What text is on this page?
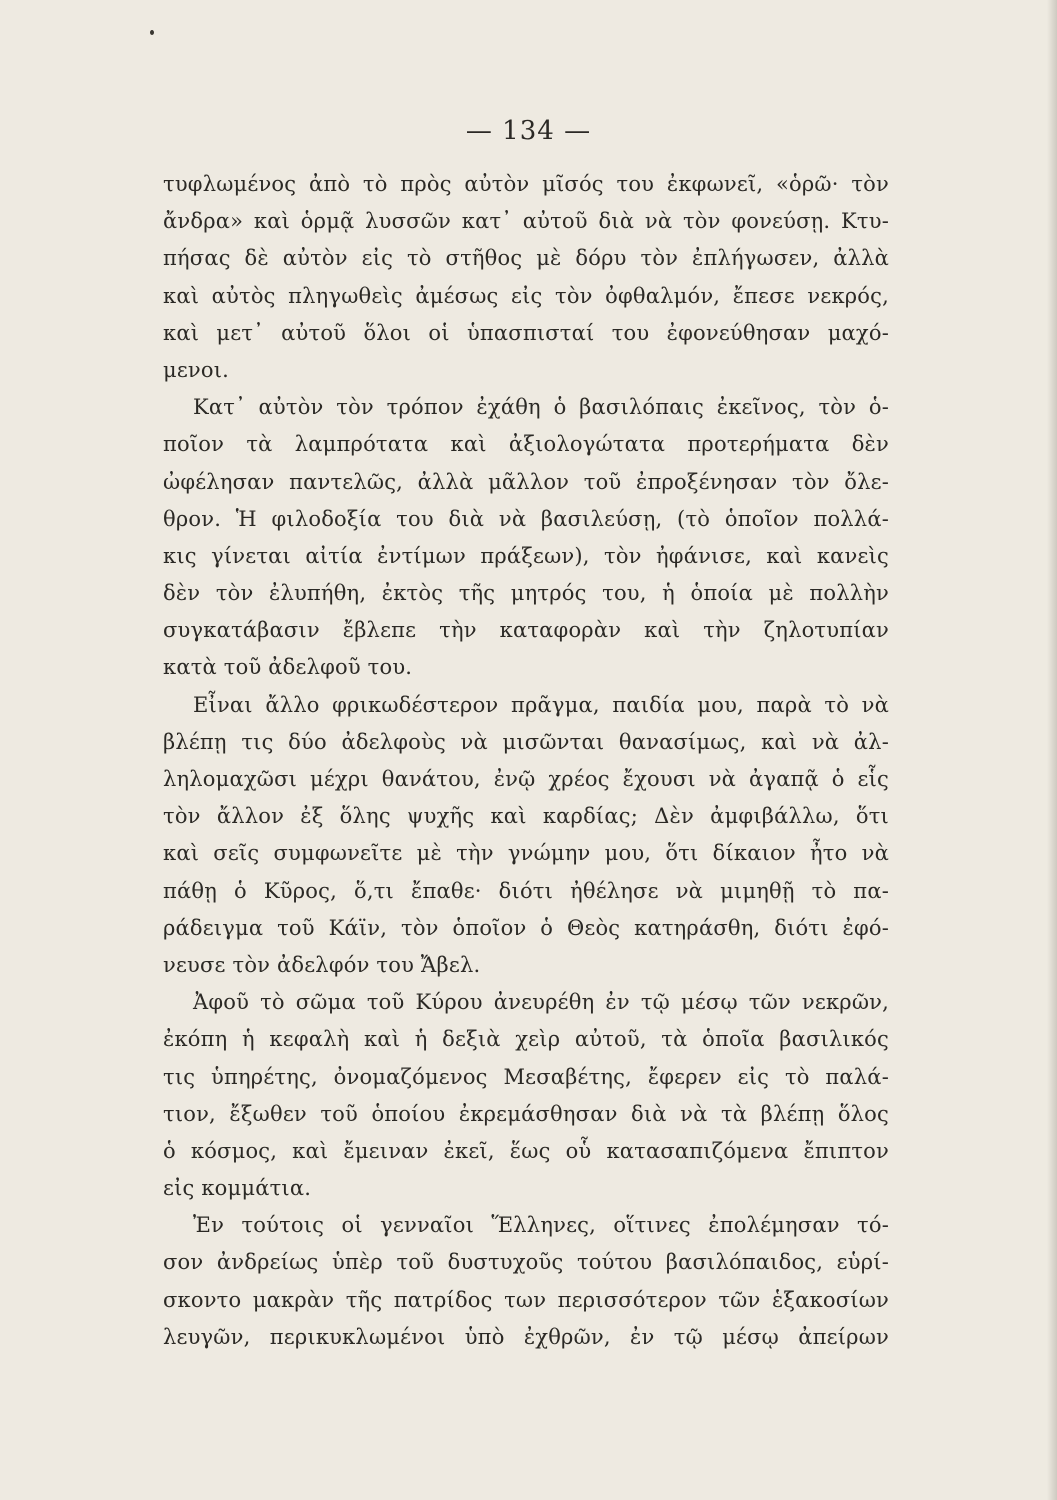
— 134 —
τυφλωμένος ἀπὸ τὸ πρὸς αὐτὸν μῖσός του ἐκφωνεῖ, «ὁρῶ· τὸν
ἄνδρα» καὶ ὁρμᾷ λυσσῶν κατ᾽ αὐτοῦ διὰ νὰ τὸν φονεύσῃ. Κτυ-
πήσας δὲ αὐτὸν εἰς τὸ στῆθος μὲ δόρυ τὸν ἐπλήγωσεν, ἀλλὰ
καὶ αὐτὸς πληγωθεὶς ἀμέσως εἰς τὸν ὀφθαλμόν, ἔπεσε νεκρός,
καὶ μετ᾽ αὐτοῦ ὅλοι οἱ ὑπασπισταί του ἐφονεύθησαν μαχό-
μενοι.
Κατ᾽ αὐτὸν τὸν τρόπον ἐχάθη ὁ βασιλόπαις ἐκεῖνος, τὸν ὁ-
ποῖον τὰ λαμπρότατα καὶ ἀξιολογώτατα προτερήματα δὲν
ὠφέλησαν παντελῶς, ἀλλὰ μᾶλλον τοῦ ἐπροξένησαν τὸν ὄλε-
θρον. Ἡ φιλοδοξία του διὰ νὰ βασιλεύσῃ, (τὸ ὁποῖον πολλά-
κις γίνεται αἰτία ἐντίμων πράξεων), τὸν ἠφάνισε, καὶ κανεὶς
δὲν τὸν ἐλυπήθη, ἐκτὸς τῆς μητρός του, ἡ ὁποία μὲ πολλὴν
συγκατάβασιν ἔβλεπε τὴν καταφορὰν καὶ τὴν ζηλοτυπίαν
κατὰ τοῦ ἀδελφοῦ του.
Εἶναι ἄλλο φρικωδέστερον πρᾶγμα, παιδία μου, παρὰ τὸ νὰ
βλέπῃ τις δύο ἀδελφοὺς νὰ μισῶνται θανασίμως, καὶ νὰ ἀλ-
ληλομαχῶσι μέχρι θανάτου, ἐνῷ χρέος ἔχουσι νὰ ἀγαπᾷ ὁ εἷς
τὸν ἄλλον ἐξ ὅλης ψυχῆς καὶ καρδίας; Δὲν ἀμφιβάλλω, ὅτι
καὶ σεῖς συμφωνεῖτε μὲ τὴν γνώμην μου, ὅτι δίκαιον ἦτο νὰ
πάθῃ ὁ Κῦρος, ὅ,τι ἔπαθε· διότι ἠθέλησε νὰ μιμηθῇ τὸ πα-
ράδειγμα τοῦ Κάϊν, τὸν ὁποῖον ὁ Θεὸς κατηράσθη, διότι ἐφό-
νευσε τὸν ἀδελφόν του Ἄβελ.
Ἀφοῦ τὸ σῶμα τοῦ Κύρου ἀνευρέθη ἐν τῷ μέσῳ τῶν νεκρῶν,
ἐκόπη ἡ κεφαλὴ καὶ ἡ δεξιὰ χεὶρ αὐτοῦ, τὰ ὁποῖα βασιλικός
τις ὑπηρέτης, ὀνομαζόμενος Μεσαβέτης, ἔφερεν εἰς τὸ παλά-
τιον, ἔξωθεν τοῦ ὁποίου ἐκρεμάσθησαν διὰ νὰ τὰ βλέπῃ ὅλος
ὁ κόσμος, καὶ ἔμειναν ἐκεῖ, ἕως οὗ κατασαπιζόμενα ἔπιπτον
εἰς κομμάτια.
Ἐν τούτοις οἱ γενναῖοι Ἕλληνες, οἵτινες ἐπολέμησαν τό-
σον ἀνδρείως ὑπὲρ τοῦ δυστυχοῦς τούτου βασιλόπαιδος, εὑρί-
σκοντο μακρὰν τῆς πατρίδος των περισσότερον τῶν ἑξακοσίων
λευγῶν, περικυκλωμένοι ὑπὸ ἐχθρῶν, ἐν τῷ μέσῳ ἀπείρων
